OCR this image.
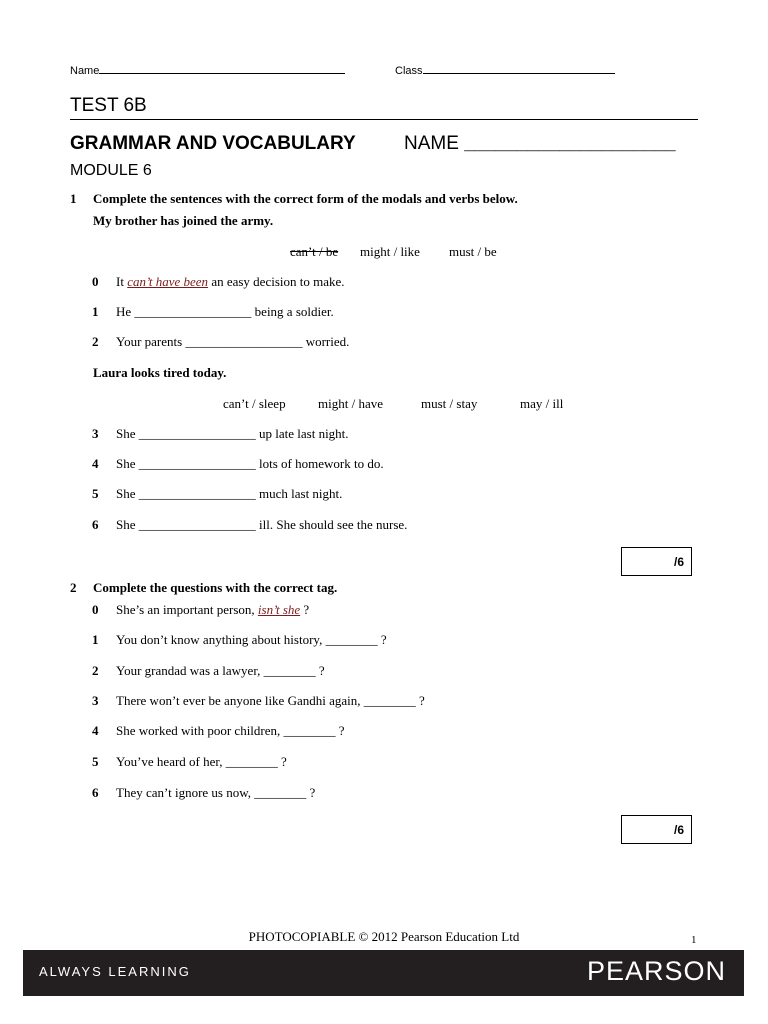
Name	Class
TEST 6B
GRAMMAR AND VOCABULARY	NAME ____________________
MODULE 6
1 Complete the sentences with the correct form of the modals and verbs below.
My brother has joined the army.
can’t / be might / like must / be
0 It can’t have been an easy decision to make.
1 He __________________ being a soldier.
2 Your parents __________________ worried.
Laura looks tired today.
can’t / sleep might / have	must / stay	may / ill
3 She __________________ up late last night.
4 She __________________ lots of homework to do.
5 She __________________ much last night.
6 She __________________ ill. She should see the nurse.
/6
2 Complete the questions with the correct tag.
0 She’s an important person, isn’t she ?
1 You don’t know anything about history, ________ ?
2 Your grandad was a lawyer, ________ ?
3 There won’t ever be anyone like Gandhi again, ________ ?
4 She worked with poor children, ________ ?
5 You’ve heard of her, ________ ?
6 They can’t ignore us now, ________ ?
/6
PHOTOCOPIABLE © 2012 Pearson Education Ltd	1
ALWAYS LEARNING	PEARSON
